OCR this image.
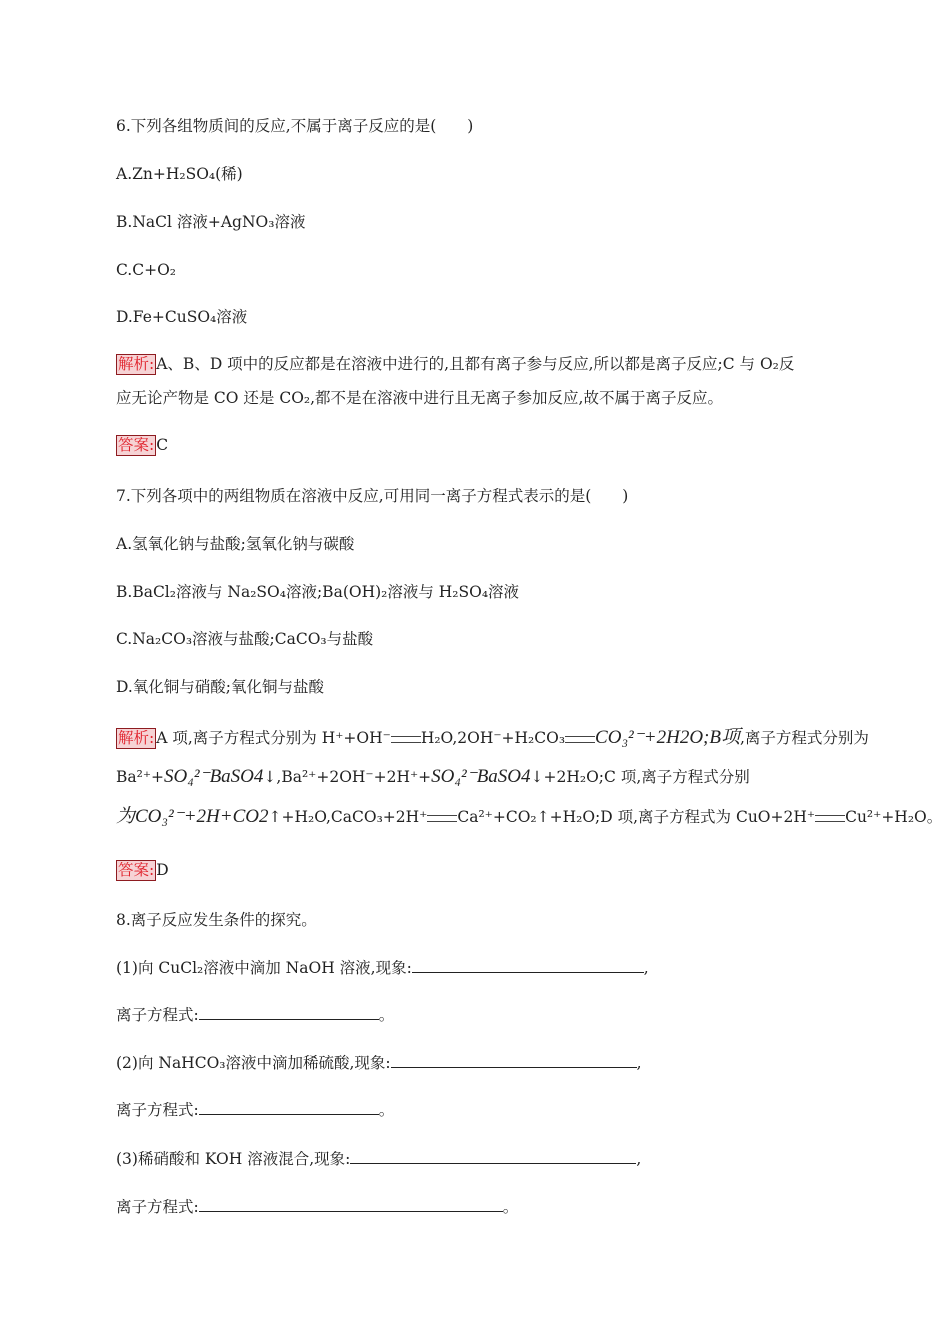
6.下列各组物质间的反应,不属于离子反应的是(　　)
A.Zn+H₂SO₄(稀)
B.NaCl 溶液+AgNO₃溶液
C.C+O₂
D.Fe+CuSO₄溶液
解析: A、B、D 项中的反应都是在溶液中进行的,且都有离子参与反应,所以都是离子反应;C 与 O₂反
应无论产物是 CO 还是 CO₂,都不是在溶液中进行且无离子参加反应,故不属于离子反应。
答案: C
7.下列各项中的两组物质在溶液中反应,可用同一离子方程式表示的是(　　)
A.氢氧化钠与盐酸;氢氧化钠与碳酸
B.BaCl₂溶液与 Na₂SO₄溶液;Ba(OH)₂溶液与 H₂SO₄溶液
C.Na₂CO₃溶液与盐酸;CaCO₃与盐酸
D.氧化铜与硝酸;氧化铜与盐酸
解析: A 项,离子方程式分别为 H⁺+OH⁻ H₂O,2OH⁻+H₂CO₃ CO₃²⁻+2H2O;B项,离子方程式分别为
Ba²⁺+SO₄²⁻BaSO4↓,Ba²⁺+2OH⁻+2H⁺+SO₄²⁻BaSO4↓+2H₂O;C 项,离子方程式分别
为CO₃²⁻+2H+CO2↑+H₂O,CaCO₃+2H⁺ Ca²⁺+CO₂↑+H₂O;D 项,离子方程式为 CuO+2H⁺ Cu²⁺+H₂O。
答案: D
8.离子反应发生条件的探究。
(1)向 CuCl₂溶液中滴加 NaOH 溶液,现象:	,
离子方程式:	。
(2)向 NaHCO₃溶液中滴加稀硫酸,现象:	,
离子方程式:	。
(3)稀硝酸和 KOH 溶液混合,现象:	,
离子方程式:	。
